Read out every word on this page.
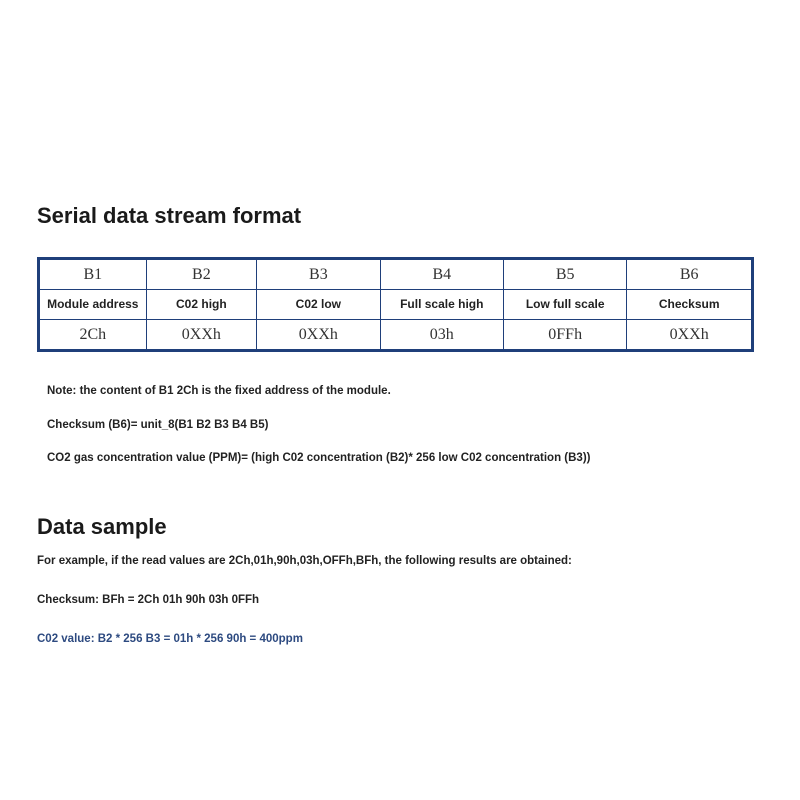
Serial data stream format
B1	B2	B3	B4	B5	B6
Module address	C02 high	C02 low	Full scale high	Low full scale	Checksum
2Ch	0XXh	0XXh	03h	0FFh	0XXh
Note: the content of B1 2Ch is the fixed address of the module.
Checksum (B6)= unit_8(B1 B2 B3 B4 B5)
CO2 gas concentration value (PPM)= (high C02 concentration (B2)* 256 low C02 concentration (B3))
Data sample
For example, if the read values are 2Ch,01h,90h,03h,OFFh,BFh, the following results are obtained:
Checksum: BFh = 2Ch 01h 90h 03h 0FFh
C02 value: B2 * 256 B3 = 01h * 256 90h = 400ppm
